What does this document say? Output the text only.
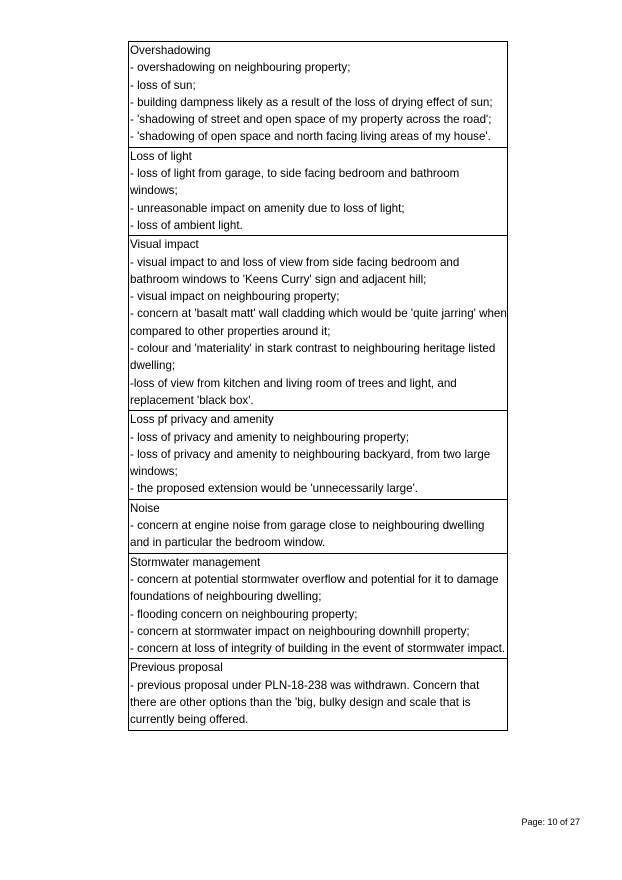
Overshadowing
- overshadowing on neighbouring property;
- loss of sun;
- building dampness likely as a result of the loss of drying effect of sun;
- 'shadowing of street and open space of my property across the road';
- 'shadowing of open space and north facing living areas of my house'.

Loss of light
- loss of light from garage, to side facing bedroom and bathroom windows;
- unreasonable impact on amenity due to loss of light;
- loss of ambient light.

Visual impact
- visual impact to and loss of view from side facing bedroom and bathroom windows to 'Keens Curry' sign and adjacent hill;
- visual impact on neighbouring property;
- concern at 'basalt matt' wall cladding which would be 'quite jarring' when compared to other properties around it;
- colour and 'materiality' in stark contrast to neighbouring heritage listed dwelling;
-loss of view from kitchen and living room of trees and light, and replacement 'black box'.

Loss pf privacy and amenity
- loss of privacy and amenity to neighbouring property;
- loss of privacy and amenity to neighbouring backyard, from two large windows;
- the proposed extension would be 'unnecessarily large'.

Noise
- concern at engine noise from garage close to neighbouring dwelling and in particular the bedroom window.

Stormwater management
- concern at potential stormwater overflow and potential for it to damage foundations of neighbouring dwelling;
- flooding concern on neighbouring property;
- concern at stormwater impact on neighbouring downhill property;
- concern at loss of integrity of building in the event of stormwater impact.

Previous proposal
- previous proposal under PLN-18-238 was withdrawn. Concern that there are other options than the 'big, bulky design and scale that is currently being offered.
Page: 10 of 27
